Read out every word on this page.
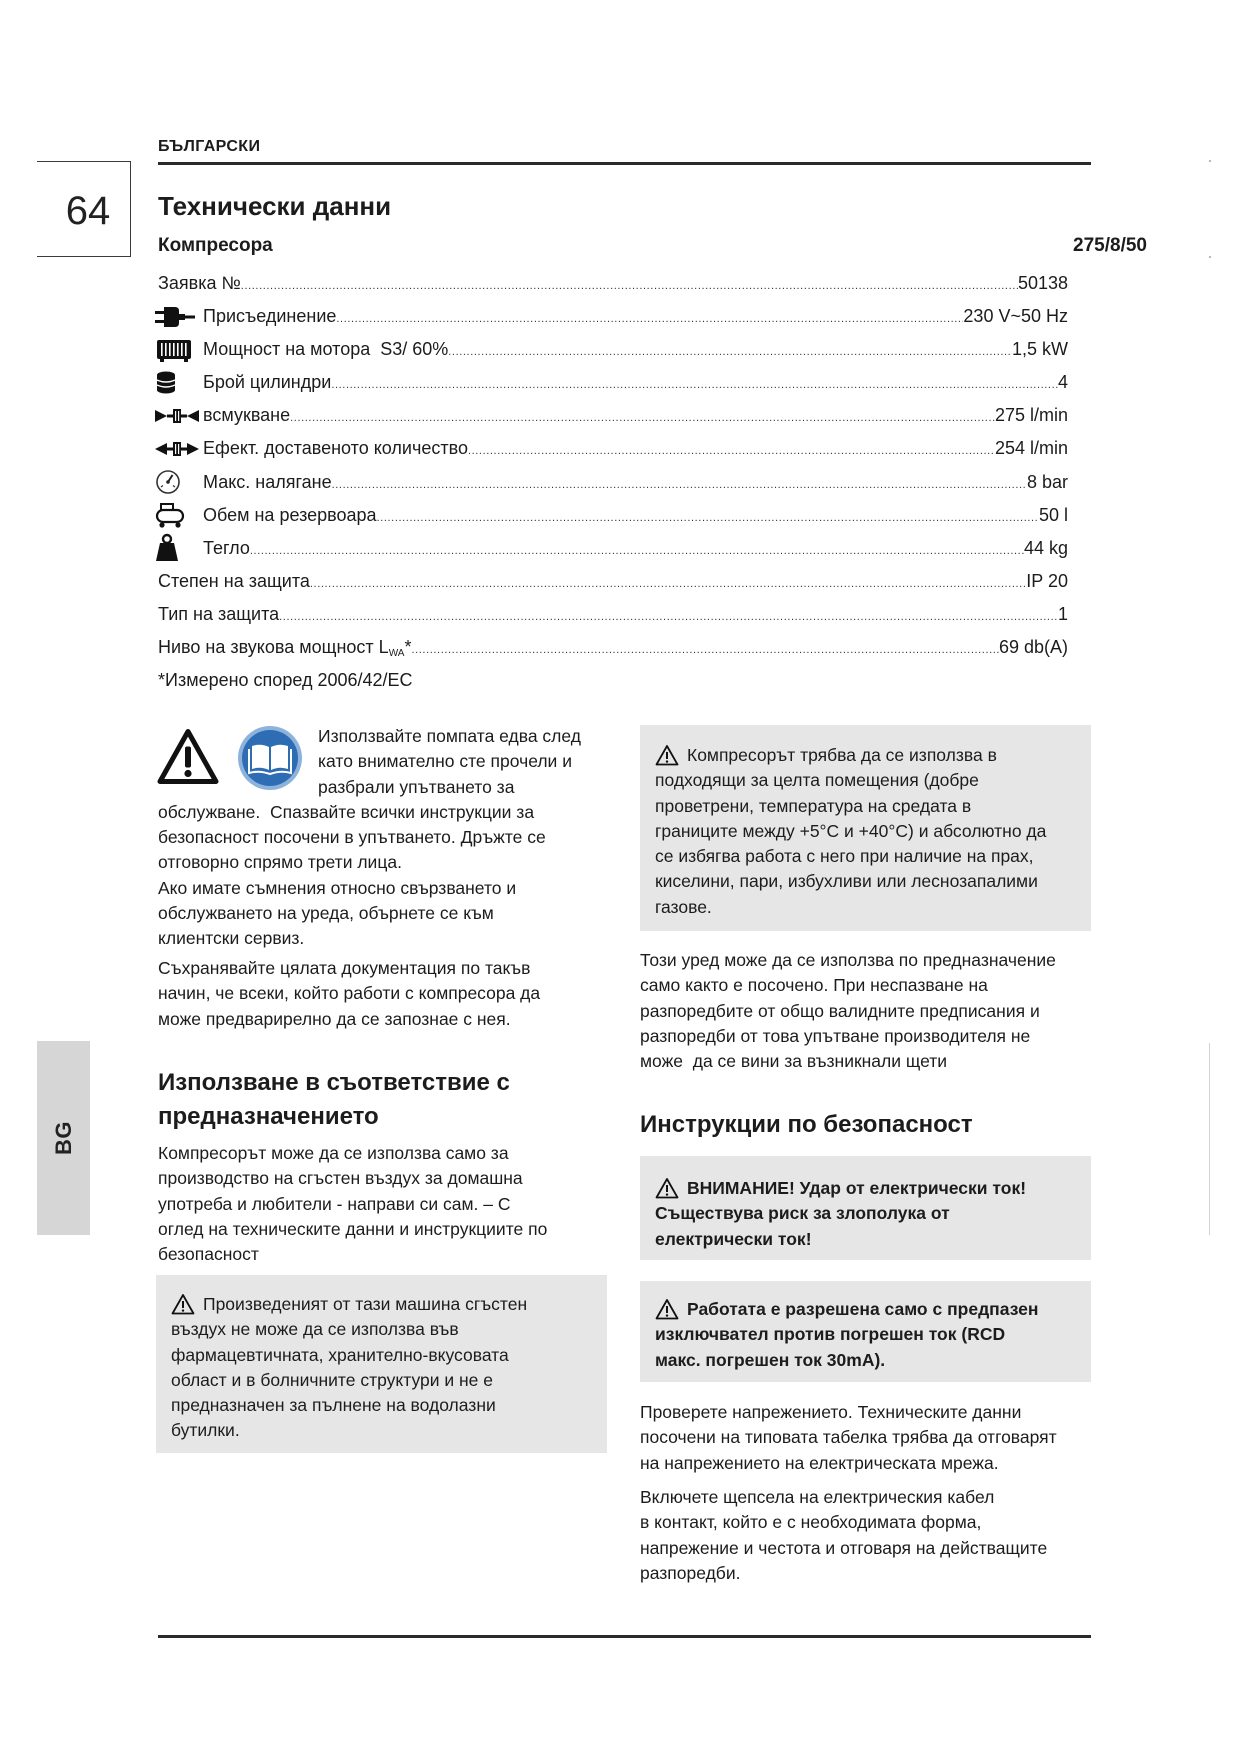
БЪЛГАРСКИ
64	Технически данни
Компресора	275/8/50
Заявка № .....	50138
Присъединение .....	230 V~50 Hz
Мощност на мотора  S3/ 60% .....	1,5 kW
Брой цилиндри .....	4
всмукване .....	275 l/min
Ефект. доставеното количество .....	254 l/min
Макс. налягане .....	8 bar
Обем на резервоара .....	50 l
Тегло .....	44 kg
Степен на защита .....	IP 20
Тип на защита .....	1
Ниво на звукова мощност $L_{WA}*$ .....	69 db(A)
*Измерено според 2006/42/EC
Използвайте помпата едва след
като внимателно сте прочели и
разбрали упътването за
обслужване.  Спазвайте всички инструкции за
безопасност посочени в упътването. Дръжте се
отговорно спрямо трети лица.
Ако имате съмнения относно свързването и
обслужването на уреда, обърнете се към
клиентски сервиз.
Съхранявайте цялата документация по такъв
начин, че всеки, който работи с компресора да
може предварирелно да се запознае с нея.
Използване в съответствие с
предназначението
Компресорът може да се използва само за
производство на сгъстен въздух за домашна
употреба и любители - направи си сам. – С
оглед на техническите данни и инструкциите по
безопасност
Произведеният от тази машина сгъстен
въздух не може да се използва във
фармацевтичната, хранително-вкусовата
област и в болничните структури и не е
предназначен за пълнене на водолазни
бутилки.
Компресорът трябва да се използва в
подходящи за целта помещения (добре
проветрени, температура на средата в
границите между +5°C и +40°C) и абсолютно да
се избягва работа с него при наличие на прах,
киселини, пари, избухливи или леснозапалими
газове.
Този уред може да се използва по предназначение
само както е посочено. При неспазване на
разпоредбите от общо валидните предписания и
разпоредби от това упътване производителя не
може  да се вини за възникнали щети
Инструкции по безопасност
ВНИМАНИЕ! Удар от електрически ток!
Съществува риск за злополука от
електрически ток!
Работата е разрешена само с предпазен
изключвател против погрешен ток (RCD
макс. погрешен ток 30mA).
Проверете напрежението. Техническите данни
посочени на типовата табелка трябва да отговарят
на напрежението на електрическата мрежа.
Включете щепсела на електрическия кабел
в контакт, който е с необходимата форма,
напрежение и честота и отговаря на действащите
разпоредби.
BG
